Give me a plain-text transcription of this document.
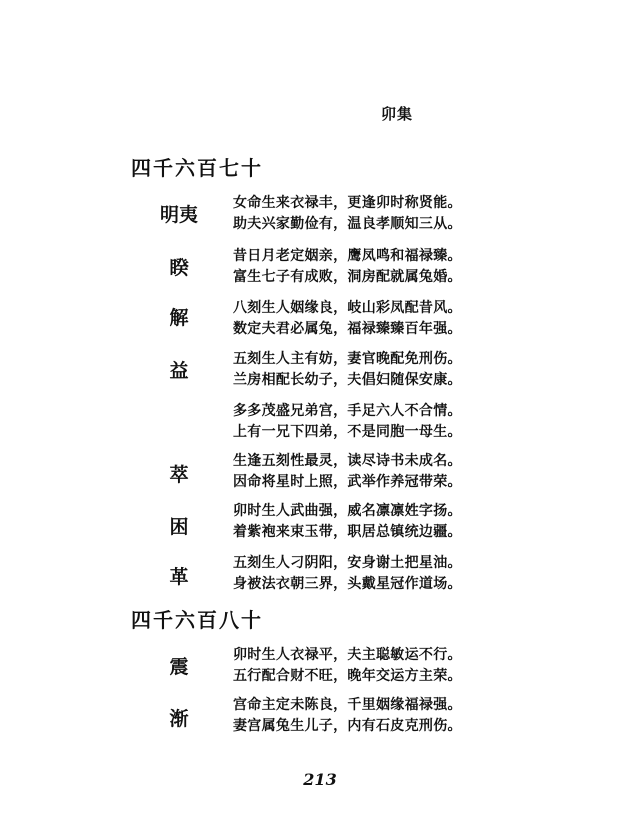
卯集
四千六百七十
明夷
女命生来衣禄丰，更逢卯时称贤能。
助夫兴家勤俭有，温良孝顺知三从。
睽
昔日月老定姻亲，鹰凤鸣和福禄臻。
富生七子有成败，洞房配就属兔婚。
解	八刻生人姻缘良，岐山彩凤配昔风。
数定夫君必属兔，福禄臻臻百年强。
益
五刻生人主有妨，妻官晚配免刑伤。
兰房相配长幼子，夫倡妇随保安康。
多多茂盛兄弟宫，手足六人不合情。
上有一兄下四弟，不是同胞一母生。
萃
生逢五刻性最灵，读尽诗书未成名。
因命将星时上照，武举作养冠带荣。
困
卯时生人武曲强，威名凛凛姓字扬。
着紫袍来束玉带，职居总镇统边疆。
革
五刻生人刁阴阳，安身谢土把星油。
身被法衣朝三界，头戴星冠作道场。
四千六百八十
震
卯时生人衣禄平，夫主聪敏运不行。
五行配合财不旺，晚年交运方主荣。
渐
宫命主定未陈良，千里姻缘福禄强。
妻宫属兔生儿子，内有石皮克刑伤。
213
